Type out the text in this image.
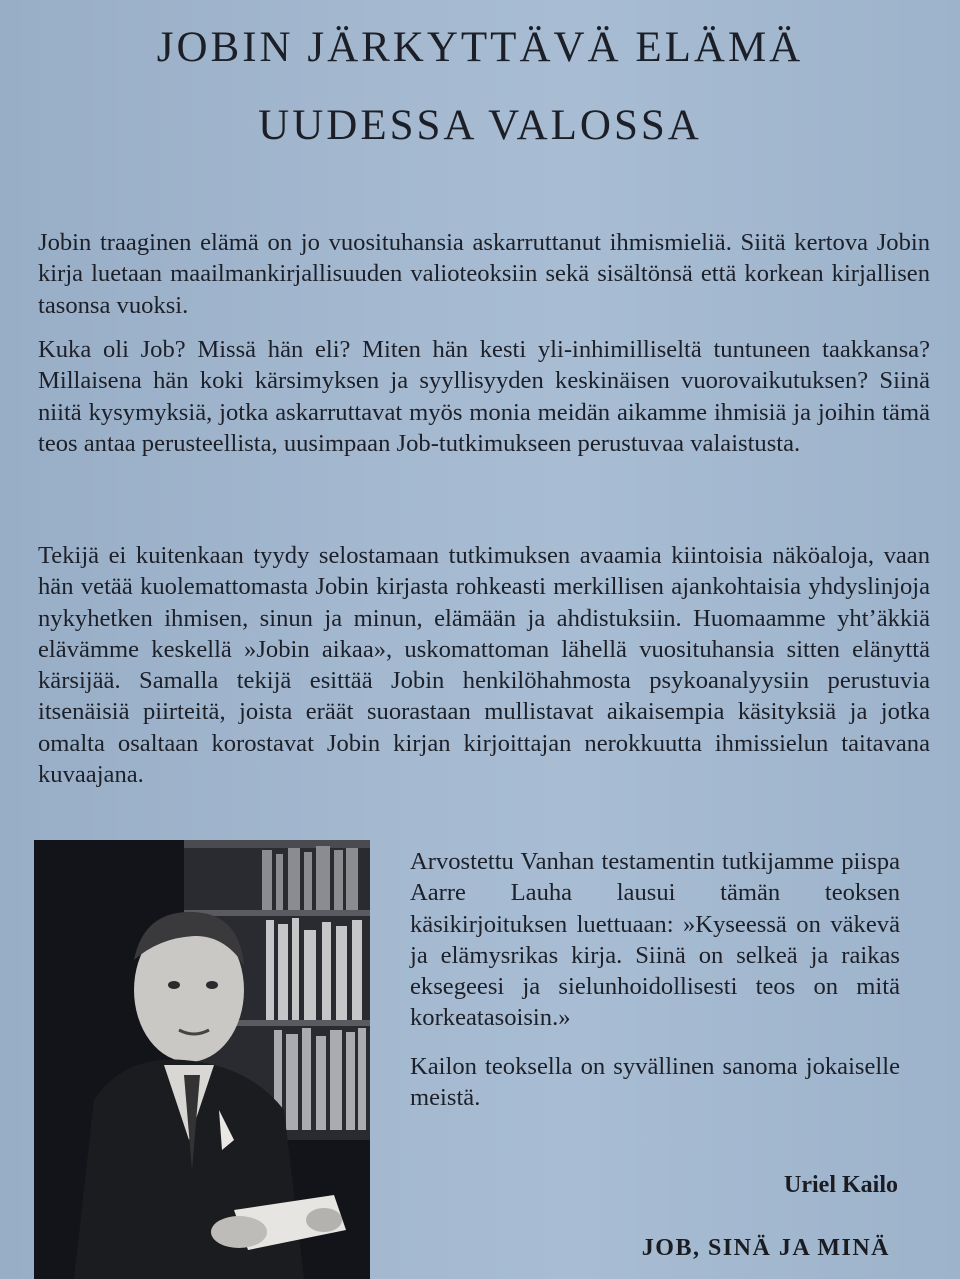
JOBIN JÄRKYTTÄVÄ ELÄMÄ
UUDESSA VALOSSA

Jobin traaginen elämä on jo vuosituhansia askarruttanut ihmismieliä. Siitä kertova Jobin kirja luetaan maailmankirjallisuuden valioteoksiin sekä sisältönsä että korkean kirjallisen tasonsa vuoksi.

Kuka oli Job? Missä hän eli? Miten hän kesti yli-inhimilliseltä tuntuneen taakkansa? Millaisena hän koki kärsimyksen ja syyllisyyden keskinäisen vuorovaikutuksen? Siinä niitä kysymyksiä, jotka askarruttavat myös monia meidän aikamme ihmisiä ja joihin tämä teos antaa perusteellista, uusimpaan Job-tutkimukseen perustuvaa valaistusta.

Tekijä ei kuitenkaan tyydy selostamaan tutkimuksen avaamia kiintoisia näköaloja, vaan hän vetää kuolemattomasta Jobin kirjasta rohkeasti merkillisen ajankohtaisia yhdyslinjoja nykyhetken ihmisen, sinun ja minun, elämään ja ahdistuksiin. Huomaamme yht’äkkiä elävämme keskellä »Jobin aikaa», uskomattoman lähellä vuosituhansia sitten elänyttä kärsijää. Samalla tekijä esittää Jobin henkilöhahmosta psykoanalyysiin perustuvia itsenäisiä piirteitä, joista eräät suorastaan mullistavat aikaisempia käsityksiä ja jotka omalta osaltaan korostavat Jobin kirjan kirjoittajan nerokkuutta ihmissielun taitavana kuvaajana.

Arvostettu Vanhan testamentin tutkijamme piispa Aarre Lauha lausui tämän teoksen käsikirjoituksen luettuaan: »Kyseessä on väkevä ja elämysrikas kirja. Siinä on selkeä ja raikas eksegeesi ja sielunhoidollisesti teos on mitä korkeatasoisin.»

Kailon teoksella on syvällinen sanoma jokaiselle meistä.

Uriel Kailo

JOB, SINÄ JA MINÄ
